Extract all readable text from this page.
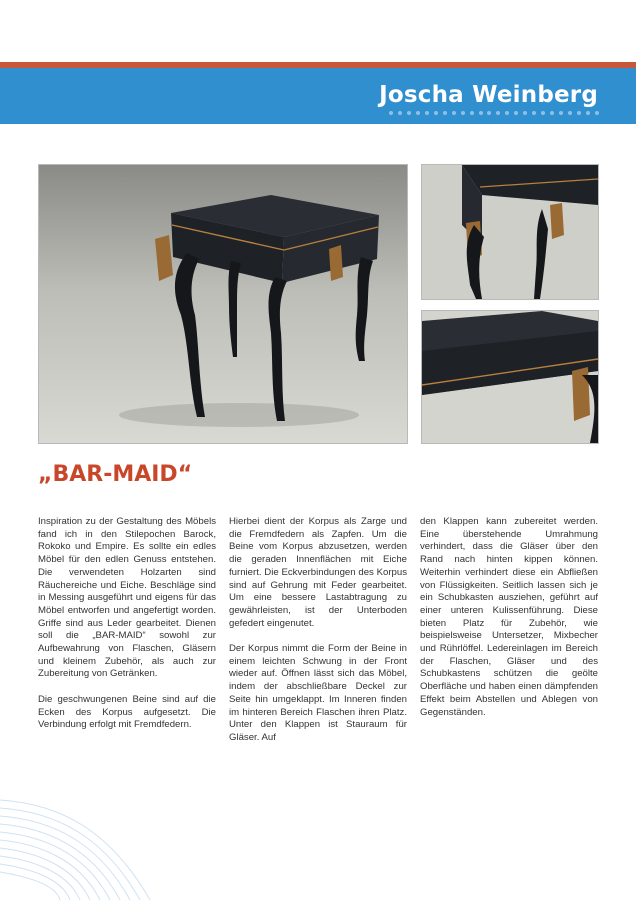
Joscha Weinberg
„BAR-MAID“

Inspiration zu der Gestaltung des Möbels fand ich in den Stilepochen Barock, Rokoko und Empire. Es sollte ein edles Möbel für den edlen Genuss entstehen. Die verwendeten Holzarten sind Räuchereiche und Eiche. Beschläge sind in Messing ausgeführt und eigens für das Möbel entworfen und angefertigt worden. Griffe sind aus Leder gearbeitet. Dienen soll die „BAR-MAID“ sowohl zur Aufbewahrung von Flaschen, Gläsern und kleinem Zubehör, als auch zur Zubereitung von Getränken.

Die geschwungenen Beine sind auf die Ecken des Korpus aufgesetzt. Die Verbindung erfolgt mit Fremdfedern.

Hierbei dient der Korpus als Zarge und die Fremdfedern als Zapfen. Um die Beine vom Korpus abzusetzen, werden die geraden Innenflächen mit Eiche furniert. Die Eckverbindungen des Korpus sind auf Gehrung mit Feder gearbeitet. Um eine bessere Lastabtragung zu gewährleisten, ist der Unterboden gefedert eingenutet.

Der Korpus nimmt die Form der Beine in einem leichten Schwung in der Front wieder auf. Öffnen lässt sich das Möbel, indem der abschließbare Deckel zur Seite hin umgeklappt. Im Inneren finden im hinteren Bereich Flaschen ihren Platz. Unter den Klappen ist Stauraum für Gläser. Auf

den Klappen kann zubereitet werden. Eine überstehende Umrahmung verhindert, dass die Gläser über den Rand nach hinten kippen können. Weiterhin verhindert diese ein Abfließen von Flüssigkeiten. Seitlich lassen sich je ein Schubkasten ausziehen, geführt auf einer unteren Kulissenführung. Diese bieten Platz für Zubehör, wie beispielsweise Untersetzer, Mixbecher und Rührlöffel. Ledereinlagen im Bereich der Flaschen, Gläser und des Schubkastens schützen die geölte Oberfläche und haben einen dämpfenden Effekt beim Abstellen und Ablegen von Gegenständen.
